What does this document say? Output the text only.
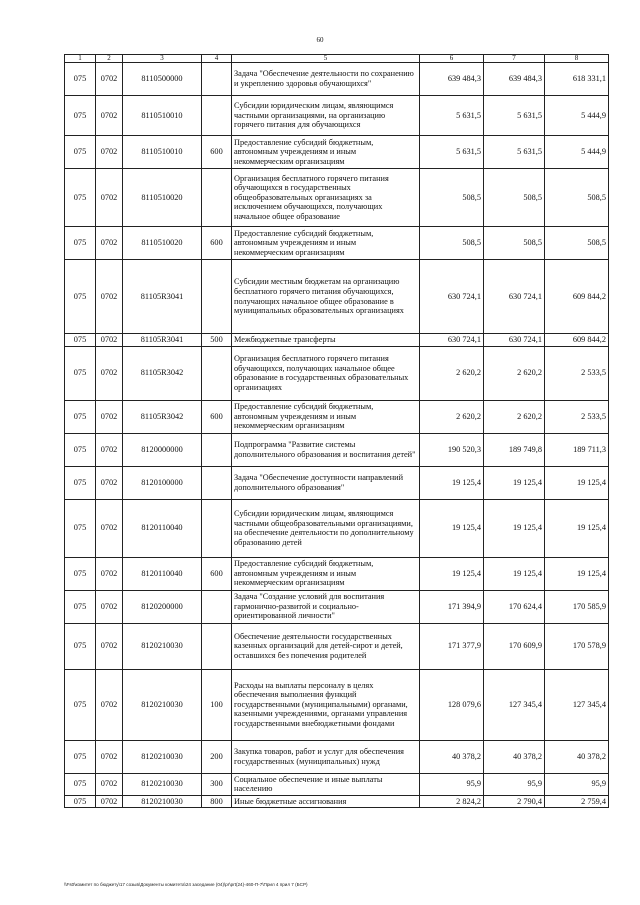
60
1	2	3	4	5	6	7	8
075	0702	8110500000		Задача "Обеспечение деятельности по сохранению и укреплению здоровья обучающихся"	639 484,3	639 484,3	618 331,1
075	0702	8110510010		Субсидии юридическим лицам, являющимся частными организациями, на организацию горячего питания для обучающихся	5 631,5	5 631,5	5 444,9
075	0702	8110510010	600	Предоставление субсидий бюджетным, автономным учреждениям и иным некоммерческим организациям	5 631,5	5 631,5	5 444,9
075	0702	8110510020		Организация бесплатного горячего питания обучающихся в государственных общеобразовательных организациях за исключением обучающихся, получающих начальное общее образование	508,5	508,5	508,5
075	0702	8110510020	600	Предоставление субсидий бюджетным, автономным учреждениям и иным некоммерческим организациям	508,5	508,5	508,5
075	0702	81105R3041		Субсидии местным бюджетам на организацию бесплатного горячего питания обучающихся, получающих начальное общее образование в муниципальных образовательных организациях	630 724,1	630 724,1	609 844,2
075	0702	81105R3041	500	Межбюджетные трансферты	630 724,1	630 724,1	609 844,2
075	0702	81105R3042		Организация бесплатного горячего питания обучающихся, получающих начальное общее образование в государственных образовательных организациях	2 620,2	2 620,2	2 533,5
075	0702	81105R3042	600	Предоставление субсидий бюджетным, автономным учреждениям и иным некоммерческим организациям	2 620,2	2 620,2	2 533,5
075	0702	8120000000		Подпрограмма "Развитие системы дополнительного образования и воспитания детей"	190 520,3	189 749,8	189 711,3
075	0702	8120100000		Задача "Обеспечение доступности направлений дополнительного образования"	19 125,4	19 125,4	19 125,4
075	0702	8120110040		Субсидии юридическим лицам, являющимся частными общеобразовательными организациями, на обеспечение деятельности по дополнительному образованию детей	19 125,4	19 125,4	19 125,4
075	0702	8120110040	600	Предоставление субсидий бюджетным, автономным учреждениям и иным некоммерческим организациям	19 125,4	19 125,4	19 125,4
075	0702	8120200000		Задача "Создание условий для воспитания гармонично-развитой и социально-ориентированной личности"	171 394,9	170 624,4	170 585,9
075	0702	8120210030		Обеспечение деятельности государственных казенных организаций для детей-сирот и детей, оставшихся без попечения родителей	171 377,9	170 609,9	170 578,9
075	0702	8120210030	100	Расходы на выплаты персоналу в целях обеспечения выполнения функций государственными (муниципальными) органами, казенными учреждениями, органами управления государственными внебюджетными фондами	128 079,6	127 345,4	127 345,4
075	0702	8120210030	200	Закупка товаров, работ и услуг для обеспечения государственных (муниципальных) нужд	40 378,2	40 378,2	40 378,2
075	0702	8120210030	300	Социальное обеспечение и иные выплаты населению	95,9	95,9	95,9
075	0702	8120210030	800	Иные бюджетные ассигнования	2 824,2	2 790,4	2 759,4
\\Fs0\комитет по бюджету\17 созыв\Документы комитета\24 заседание (04)\pr\prt(24)-460-П-7\Прил 4 прил 7 (БСР)
